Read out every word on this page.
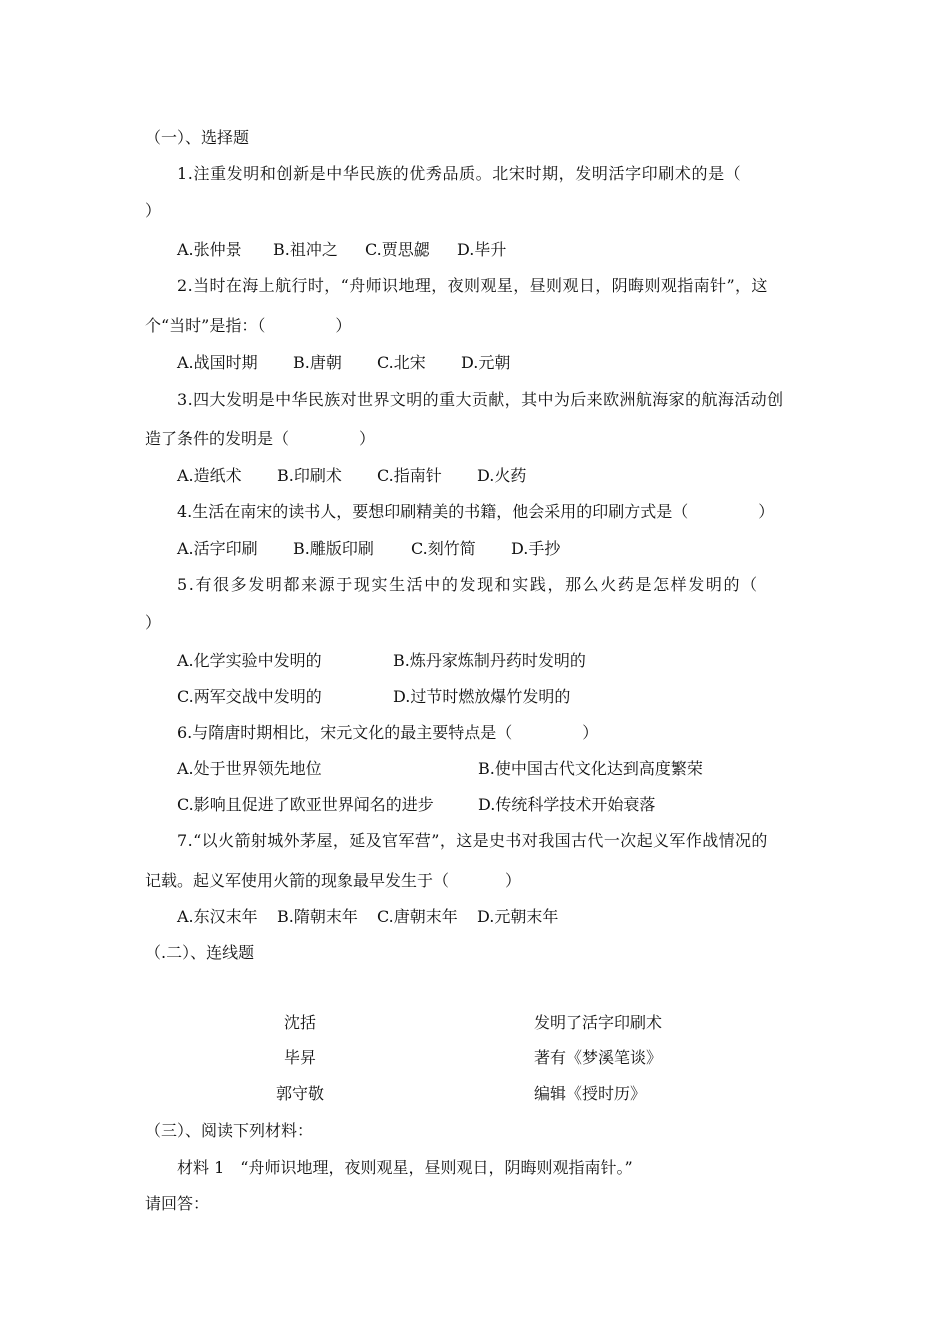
（一）、选择题
1.注重发明和创新是中华民族的优秀品质。北宋时期，发明活字印刷术的是（
）
A.张仲景 B.祖冲之 C.贾思勰 D.毕升
2.当时在海上航行时，“舟师识地理，夜则观星，昼则观日，阴晦则观指南针”，这
个“当时”是指：（	）
A.战国时期 B.唐朝 C.北宋 D.元朝
3.四大发明是中华民族对世界文明的重大贡献，其中为后来欧洲航海家的航海活动创
造了条件的发明是（	）
A.造纸术 B.印刷术 C.指南针 D.火药
4.生活在南宋的读书人，要想印刷精美的书籍，他会采用的印刷方式是（	）
A.活字印刷 B.雕版印刷 C.刻竹简 D.手抄
5.有很多发明都来源于现实生活中的发现和实践，那么火药是怎样发明的（
）
A.化学实验中发明的	B.炼丹家炼制丹药时发明的
C.两军交战中发明的	D.过节时燃放爆竹发明的
6.与隋唐时期相比，宋元文化的最主要特点是（	）
A.处于世界领先地位	B.使中国古代文化达到高度繁荣
C.影响且促进了欧亚世界闻名的进步	D.传统科学技术开始衰落
7.“以火箭射城外茅屋，延及官军营”，这是史书对我国古代一次起义军作战情况的
记载。起义军使用火箭的现象最早发生于（	）
A.东汉末年 B.隋朝末年 C.唐朝末年 D.元朝末年
（.二）、连线题
沈括	发明了活字印刷术
毕昇	著有《梦溪笔谈》
郭守敬	编辑《授时历》
（三）、阅读下列材料：
材料 1　“舟师识地理，夜则观星，昼则观日，阴晦则观指南针。”
请回答：
